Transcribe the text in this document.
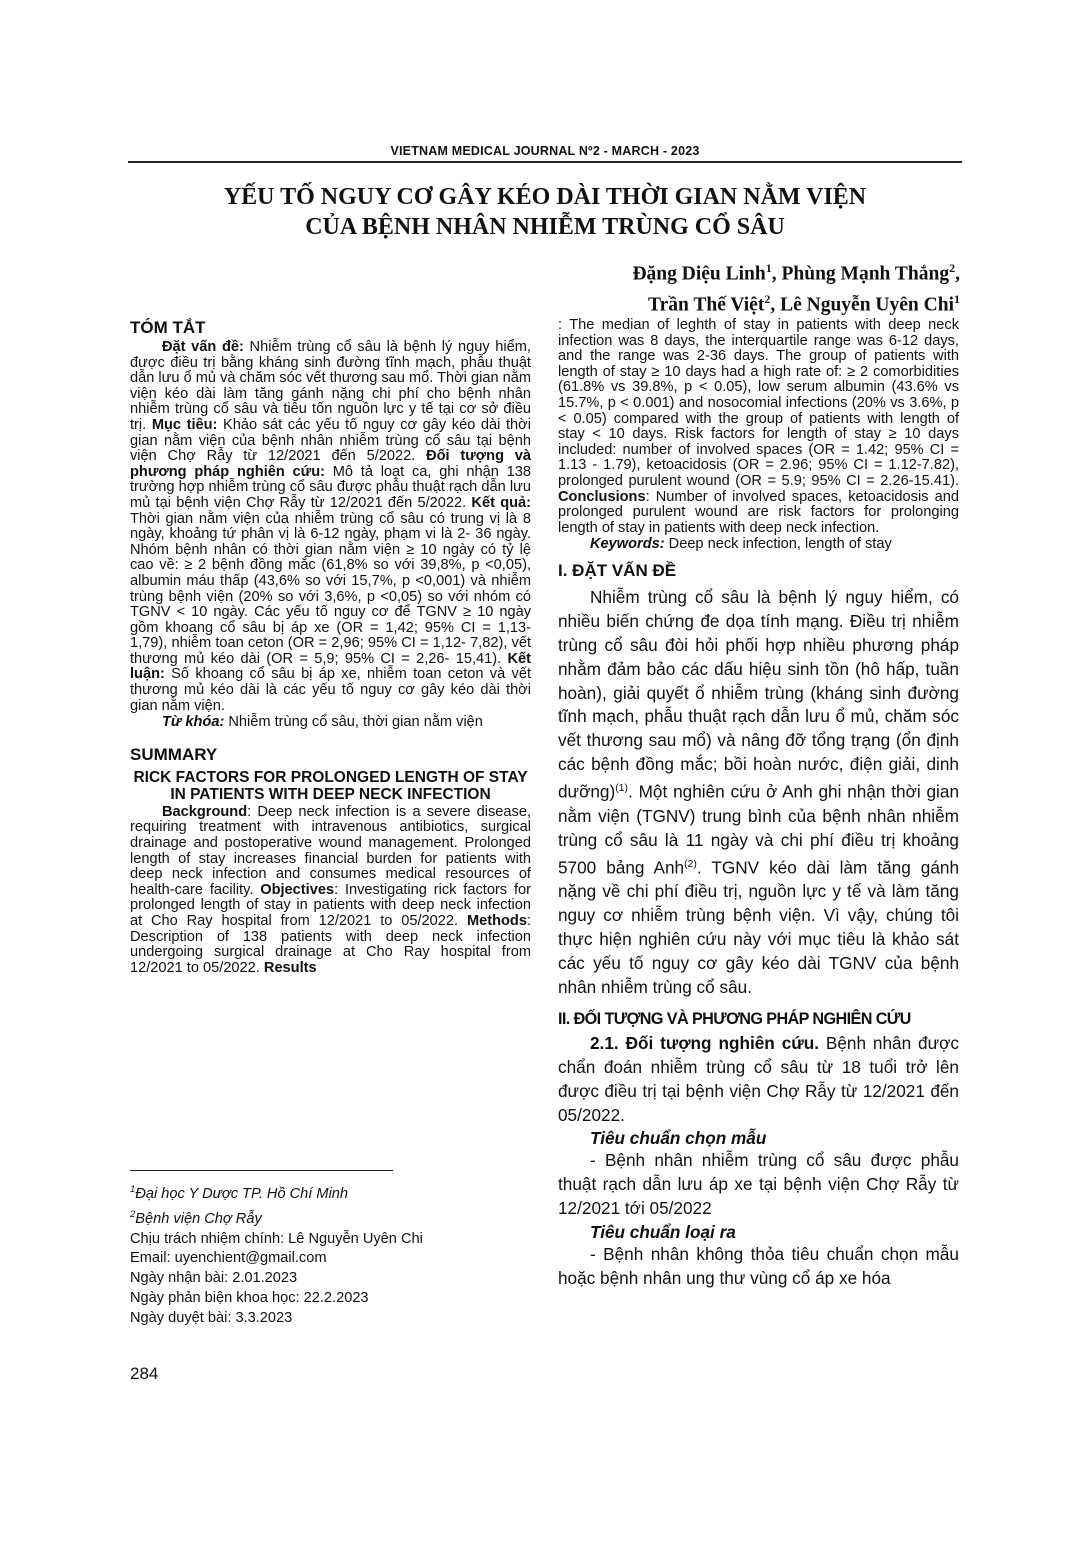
VIETNAM MEDICAL JOURNAL Nº2 - MARCH - 2023
YẾU TỐ NGUY CƠ GÂY KÉO DÀI THỜI GIAN NẰM VIỆN
CỦA BỆNH NHÂN NHIỄM TRÙNG CỔ SÂU
Đặng Diệu Linh$^1$, Phùng Mạnh Thắng$^2$,
Trần Thế Việt$^2$, Lê Nguyễn Uyên Chi$^1$
TÓM TẮT

Đặt vấn đề: Nhiễm trùng cổ sâu là bệnh lý nguy hiểm, được điều trị bằng kháng sinh đường tĩnh mạch, phẫu thuật dẫn lưu ổ mủ và chăm sóc vết thương sau mổ. Thời gian nằm viện kéo dài làm tăng gánh nặng chi phí cho bệnh nhân nhiễm trùng cổ sâu và tiêu tốn nguồn lực y tế tại cơ sở điều trị. Mục tiêu: Khảo sát các yếu tố nguy cơ gây kéo dài thời gian nằm viện của bệnh nhân nhiễm trùng cổ sâu tại bệnh viện Chợ Rẫy từ 12/2021 đến 5/2022. Đối tượng và phương pháp nghiên cứu: Mô tả loạt ca, ghi nhận 138 trường hợp nhiễm trùng cổ sâu được phẫu thuật rạch dẫn lưu mủ tại bệnh viện Chợ Rẫy từ 12/2021 đến 5/2022. Kết quả: Thời gian nằm viện của nhiễm trùng cổ sâu có trung vị là 8 ngày, khoảng tứ phân vị là 6-12 ngày, phạm vi là 2- 36 ngày. Nhóm bệnh nhân có thời gian nằm viện ≥ 10 ngày có tỷ lệ cao về: ≥ 2 bệnh đồng mắc (61,8% so với 39,8%, p <0,05), albumin máu thấp (43,6% so với 15,7%, p <0,001) và nhiễm trùng bệnh viện (20% so với 3,6%, p <0,05) so với nhóm có TGNV < 10 ngày. Các yếu tố nguy cơ để TGNV ≥ 10 ngày gồm khoang cổ sâu bị áp xe (OR = 1,42; 95% CI = 1,13- 1,79), nhiễm toan ceton (OR = 2,96; 95% CI = 1,12- 7,82), vết thương mủ kéo dài (OR = 5,9; 95% CI = 2,26- 15,41). Kết luận: Số khoang cổ sâu bị áp xe, nhiễm toan ceton và vết thương mủ kéo dài là các yếu tố nguy cơ gây kéo dài thời gian nằm viện.

Từ khóa: Nhiễm trùng cổ sâu, thời gian nằm viện

SUMMARY
RICK FACTORS FOR PROLONGED LENGTH OF STAY IN PATIENTS WITH DEEP NECK INFECTION

Background: Deep neck infection is a severe disease, requiring treatment with intravenous antibiotics, surgical drainage and postoperative wound management. Prolonged length of stay increases financial burden for patients with deep neck infection and consumes medical resources of health-care facility. Objectives: Investigating rick factors for prolonged length of stay in patients with deep neck infection at Cho Ray hospital from 12/2021 to 05/2022. Methods: Description of 138 patients with deep neck infection undergoing surgical drainage at Cho Ray hospital from 12/2021 to 05/2022. Results

$^1$Đại học Y Dược TP. Hồ Chí Minh

$^2$Bệnh viện Chợ Rẫy

Chịu trách nhiệm chính: Lê Nguyễn Uyên Chi

Email: uyenchient@gmail.com

Ngày nhận bài: 2.01.2023

Ngày phản biện khoa học: 22.2.2023

Ngày duyệt bài: 3.3.2023

: The median of leghth of stay in patients with deep neck infection was 8 days, the interquartile range was 6-12 days, and the range was 2-36 days. The group of patients with length of stay ≥ 10 days had a high rate of: ≥ 2 comorbidities (61.8% vs 39.8%, p < 0.05), low serum albumin (43.6% vs 15.7%, p < 0.001) and nosocomial infections (20% vs 3.6%, p < 0.05) compared with the group of patients with length of stay < 10 days. Risk factors for length of stay ≥ 10 days included: number of involved spaces (OR = 1.42; 95% CI = 1.13 - 1.79), ketoacidosis (OR = 2.96; 95% CI = 1.12-7.82), prolonged purulent wound (OR = 5.9; 95% CI = 2.26-15.41). Conclusions: Number of involved spaces, ketoacidosis and prolonged purulent wound are risk factors for prolonging length of stay in patients with deep neck infection.

Keywords: Deep neck infection, length of stay

I. ĐẶT VẤN ĐỀ

Nhiễm trùng cổ sâu là bệnh lý nguy hiểm, có nhiều biến chứng đe dọa tính mạng. Điều trị nhiễm trùng cổ sâu đòi hỏi phối hợp nhiều phương pháp nhằm đảm bảo các dấu hiệu sinh tồn (hô hấp, tuần hoàn), giải quyết ổ nhiễm trùng (kháng sinh đường tĩnh mạch, phẫu thuật rạch dẫn lưu ổ mủ, chăm sóc vết thương sau mổ) và nâng đỡ tổng trạng (ổn định các bệnh đồng mắc; bồi hoàn nước, điện giải, dinh dưỡng)$^{(1)}$. Một nghiên cứu ở Anh ghi nhận thời gian nằm viện (TGNV) trung bình của bệnh nhân nhiễm trùng cổ sâu là 11 ngày và chi phí điều trị khoảng 5700 bảng Anh$^{(2)}$. TGNV kéo dài làm tăng gánh nặng về chi phí điều trị, nguồn lực y tế và làm tăng nguy cơ nhiễm trùng bệnh viện. Vì vậy, chúng tôi thực hiện nghiên cứu này với mục tiêu là khảo sát các yếu tố nguy cơ gây kéo dài TGNV của bệnh nhân nhiễm trùng cổ sâu.

II. ĐỐI TƯỢNG VÀ PHƯƠNG PHÁP NGHIÊN CỨU

2.1. Đối tượng nghiên cứu. Bệnh nhân được chẩn đoán nhiễm trùng cổ sâu từ 18 tuổi trở lên được điều trị tại bệnh viện Chợ Rẫy từ 12/2021 đến 05/2022.

Tiêu chuẩn chọn mẫu

- Bệnh nhân nhiễm trùng cổ sâu được phẫu thuật rạch dẫn lưu áp xe tại bệnh viện Chợ Rẫy từ 12/2021 tới 05/2022

Tiêu chuẩn loại ra

- Bệnh nhân không thỏa tiêu chuẩn chọn mẫu hoặc bệnh nhân ung thư vùng cổ áp xe hóa

284
